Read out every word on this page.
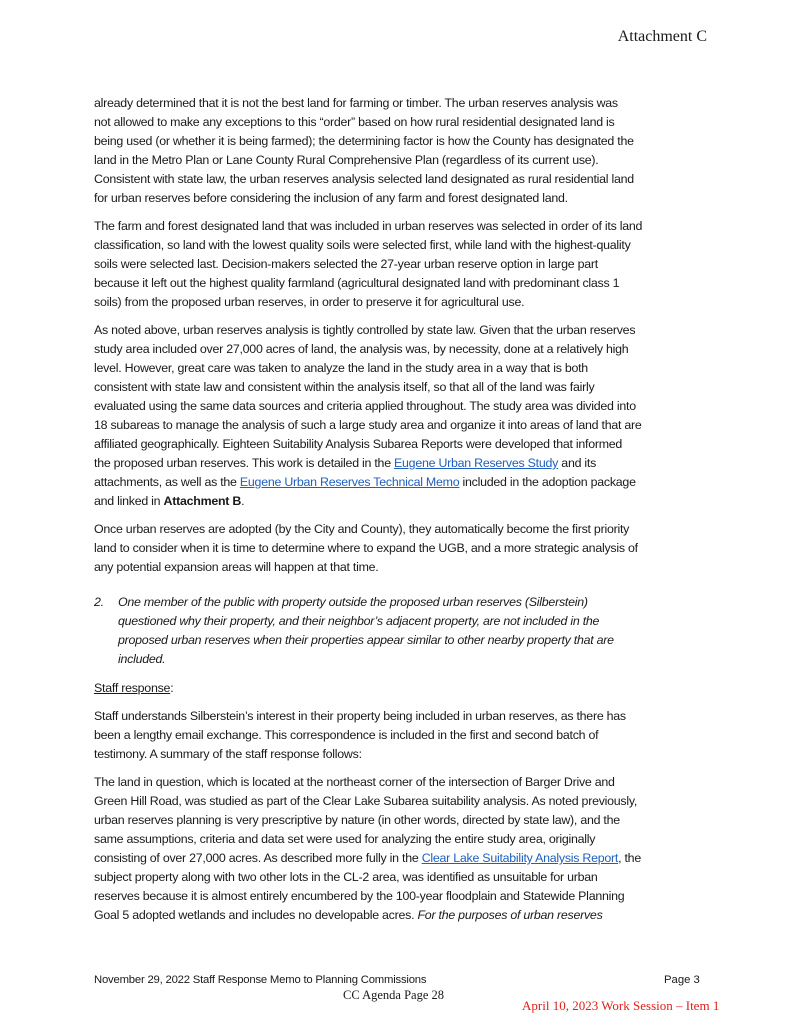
Attachment C

already determined that it is not the best land for farming or timber. The urban reserves analysis was
not allowed to make any exceptions to this “order” based on how rural residential designated land is
being used (or whether it is being farmed); the determining factor is how the County has designated the
land in the Metro Plan or Lane County Rural Comprehensive Plan (regardless of its current use).
Consistent with state law, the urban reserves analysis selected land designated as rural residential land
for urban reserves before considering the inclusion of any farm and forest designated land.

The farm and forest designated land that was included in urban reserves was selected in order of its land
classification, so land with the lowest quality soils were selected first, while land with the highest-quality
soils were selected last. Decision-makers selected the 27-year urban reserve option in large part
because it left out the highest quality farmland (agricultural designated land with predominant class 1
soils) from the proposed urban reserves, in order to preserve it for agricultural use.

As noted above, urban reserves analysis is tightly controlled by state law. Given that the urban reserves
study area included over 27,000 acres of land, the analysis was, by necessity, done at a relatively high
level. However, great care was taken to analyze the land in the study area in a way that is both
consistent with state law and consistent within the analysis itself, so that all of the land was fairly
evaluated using the same data sources and criteria applied throughout. The study area was divided into
18 subareas to manage the analysis of such a large study area and organize it into areas of land that are
affiliated geographically. Eighteen Suitability Analysis Subarea Reports were developed that informed
the proposed urban reserves. This work is detailed in the Eugene Urban Reserves Study and its
attachments, as well as the Eugene Urban Reserves Technical Memo included in the adoption package
and linked in Attachment B.

Once urban reserves are adopted (by the City and County), they automatically become the first priority
land to consider when it is time to determine where to expand the UGB, and a more strategic analysis of
any potential expansion areas will happen at that time.

2. One member of the public with property outside the proposed urban reserves (Silberstein)
questioned why their property, and their neighbor’s adjacent property, are not included in the
proposed urban reserves when their properties appear similar to other nearby property that are
included.

Staff response:

Staff understands Silberstein’s interest in their property being included in urban reserves, as there has
been a lengthy email exchange. This correspondence is included in the first and second batch of
testimony. A summary of the staff response follows:

The land in question, which is located at the northeast corner of the intersection of Barger Drive and
Green Hill Road, was studied as part of the Clear Lake Subarea suitability analysis. As noted previously,
urban reserves planning is very prescriptive by nature (in other words, directed by state law), and the
same assumptions, criteria and data set were used for analyzing the entire study area, originally
consisting of over 27,000 acres. As described more fully in the Clear Lake Suitability Analysis Report, the
subject property along with two other lots in the CL-2 area, was identified as unsuitable for urban
reserves because it is almost entirely encumbered by the 100-year floodplain and Statewide Planning
Goal 5 adopted wetlands and includes no developable acres. For the purposes of urban reserves

November 29, 2022 Staff Response Memo to Planning Commissions	Page 3
CC Agenda Page 28
April 10, 2023 Work Session – Item 1
